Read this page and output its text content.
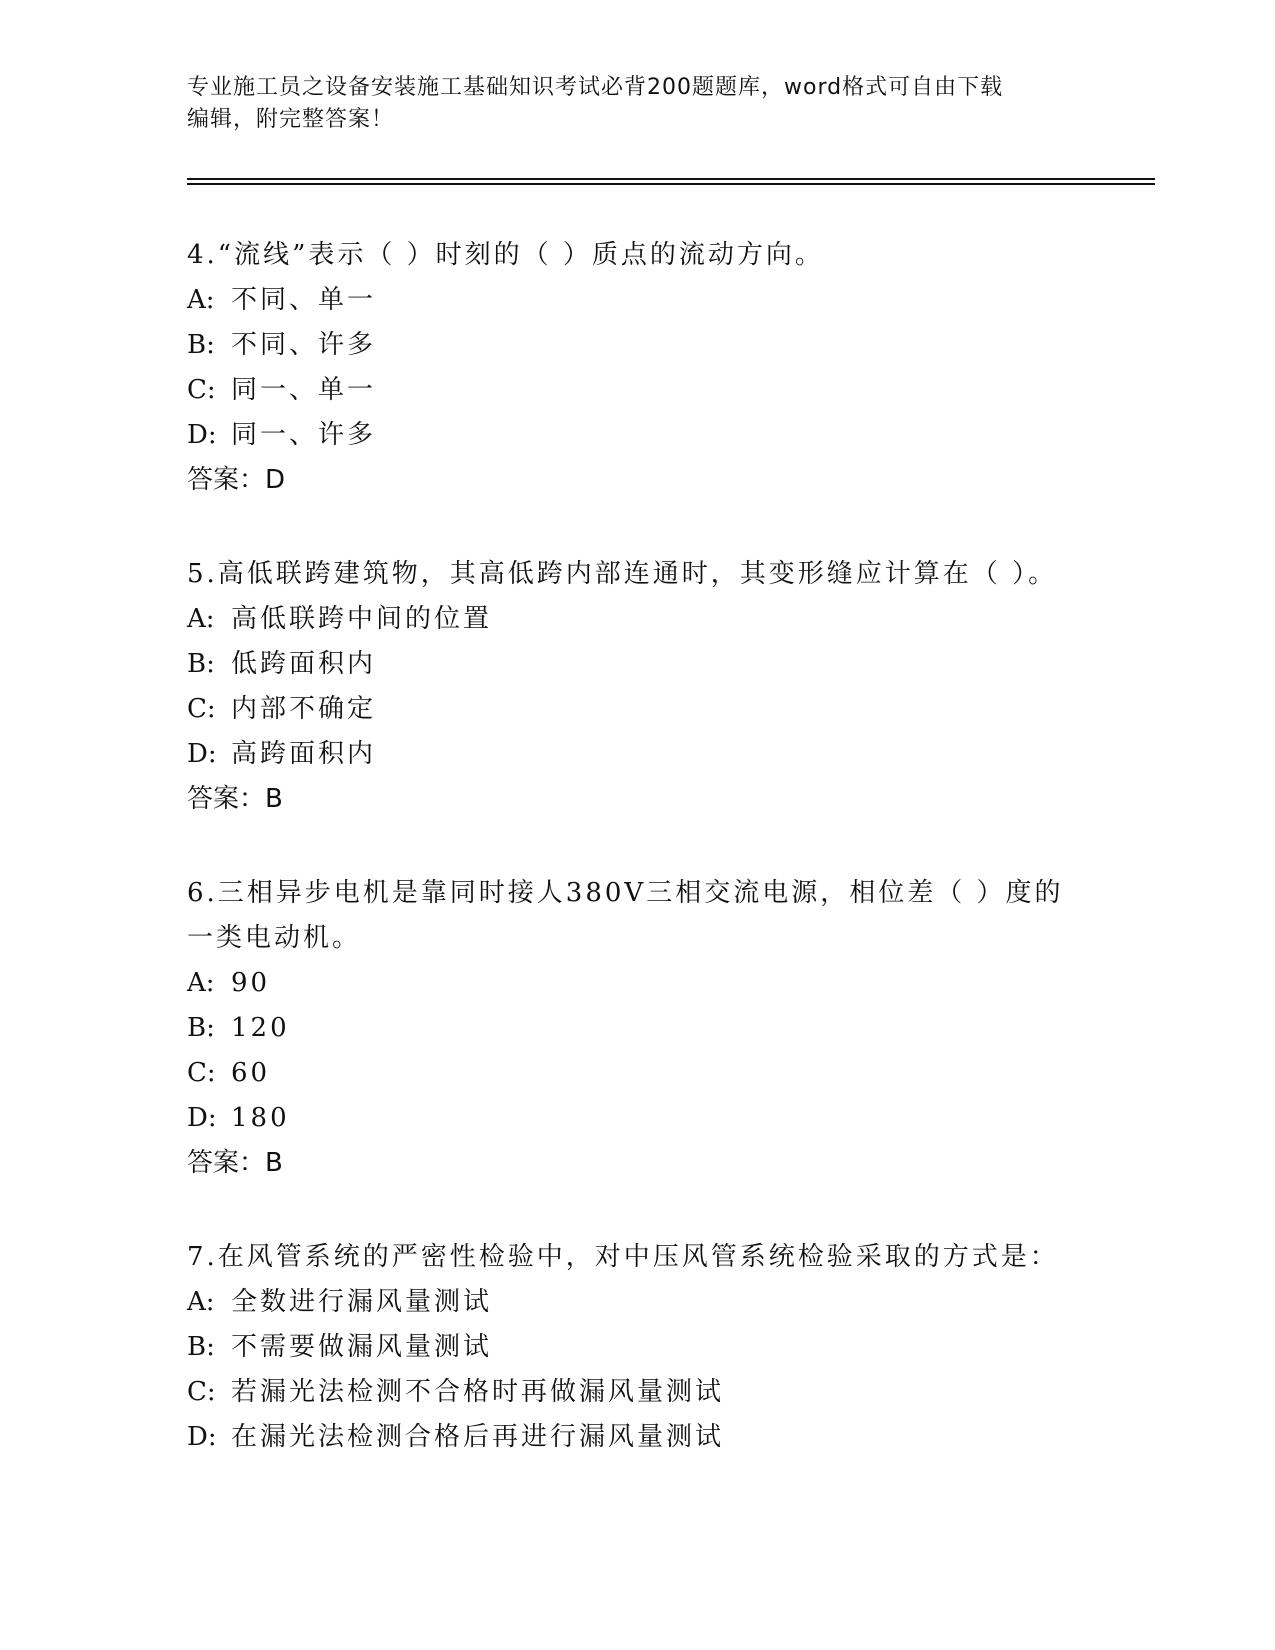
专业施工员之设备安装施工基础知识考试必背200题题库，word格式可自由下载
编辑，附完整答案！
4.“流线”表示（ ）时刻的（ ）质点的流动方向。
A: 不同、单一
B: 不同、许多
C: 同一、单一
D: 同一、许多
答案：D
5.高低联跨建筑物，其高低跨内部连通时，其变形缝应计算在（ ）。
A: 高低联跨中间的位置
B: 低跨面积内
C: 内部不确定
D: 高跨面积内
答案：B
6.三相异步电机是靠同时接人380V三相交流电源，相位差（ ）度的一类电动机。
A: 90
B: 120
C: 60
D: 180
答案：B
7.在风管系统的严密性检验中，对中压风管系统检验采取的方式是：
A: 全数进行漏风量测试
B: 不需要做漏风量测试
C: 若漏光法检测不合格时再做漏风量测试
D: 在漏光法检测合格后再进行漏风量测试
